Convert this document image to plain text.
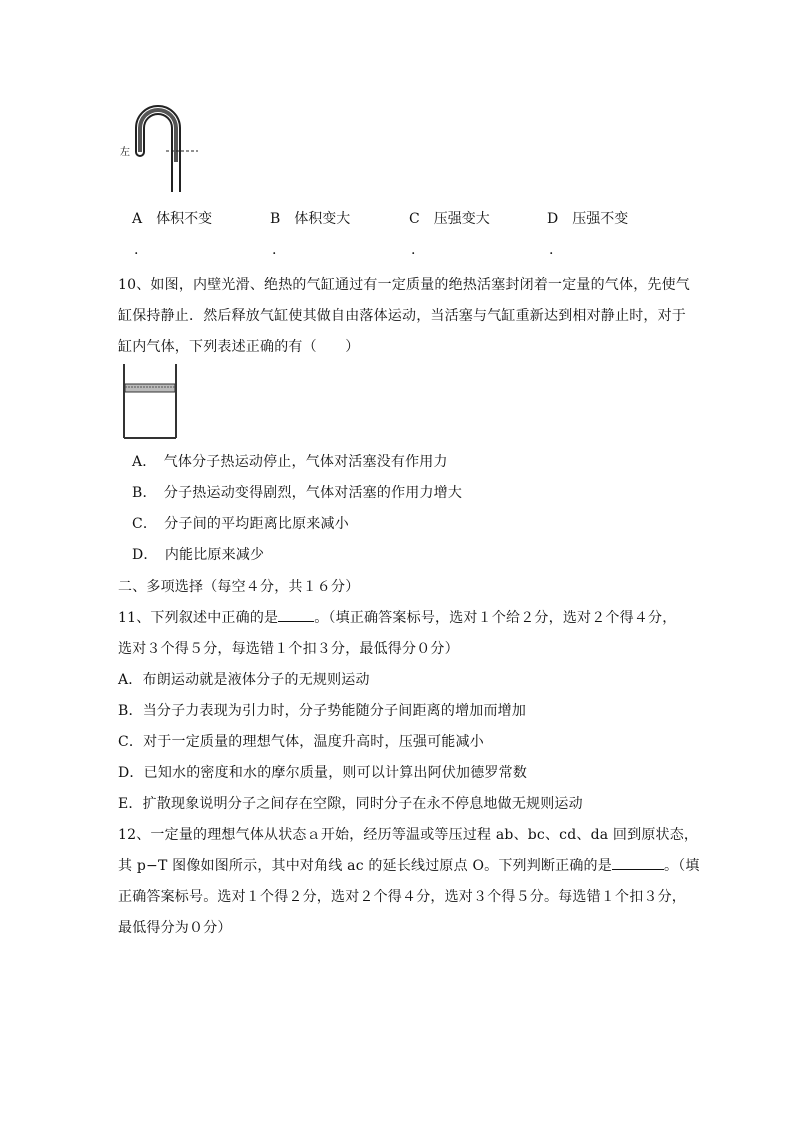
左
A　 体积不变	B　 体积变大	C　 压强变大	D　 压强不变
.	.	.	.
10、如图，内壁光滑、绝热的气缸通过有一定质量的绝热活塞封闭着一定量的气体，先使气
缸保持静止．然后释放气缸使其做自由落体运动，当活塞与气缸重新达到相对静止时，对于
缸内气体，下列表述正确的有（　　）
A．　气体分子热运动停止，气体对活塞没有作用力
B．　分子热运动变得剧烈，气体对活塞的作用力增大
C．　分子间的平均距离比原来减小
D．　内能比原来减少
二、多项选择（每空４分，共１６分）
11、下列叙述中正确的是	。（填正确答案标号，选对１个给２分，选对２个得４分，
选对３个得５分，每选错１个扣３分，最低得分０分）
A．布朗运动就是液体分子的无规则运动
B．当分子力表现为引力时，分子势能随分子间距离的增加而增加
C．对于一定质量的理想气体，温度升高时，压强可能减小
D．已知水的密度和水的摩尔质量，则可以计算出阿伏加德罗常数
E．扩散现象说明分子之间存在空隙，同时分子在永不停息地做无规则运动
12、一定量的理想气体从状态ａ开始，经历等温或等压过程 ab、bc、cd、da 回到原状态，
其 p−T 图像如图所示，其中对角线 ac 的延长线过原点 O。下列判断正确的是	。（填
正确答案标号。选对１个得２分，选对２个得４分，选对３个得５分。每选错１个扣３分，
最低得分为０分）
